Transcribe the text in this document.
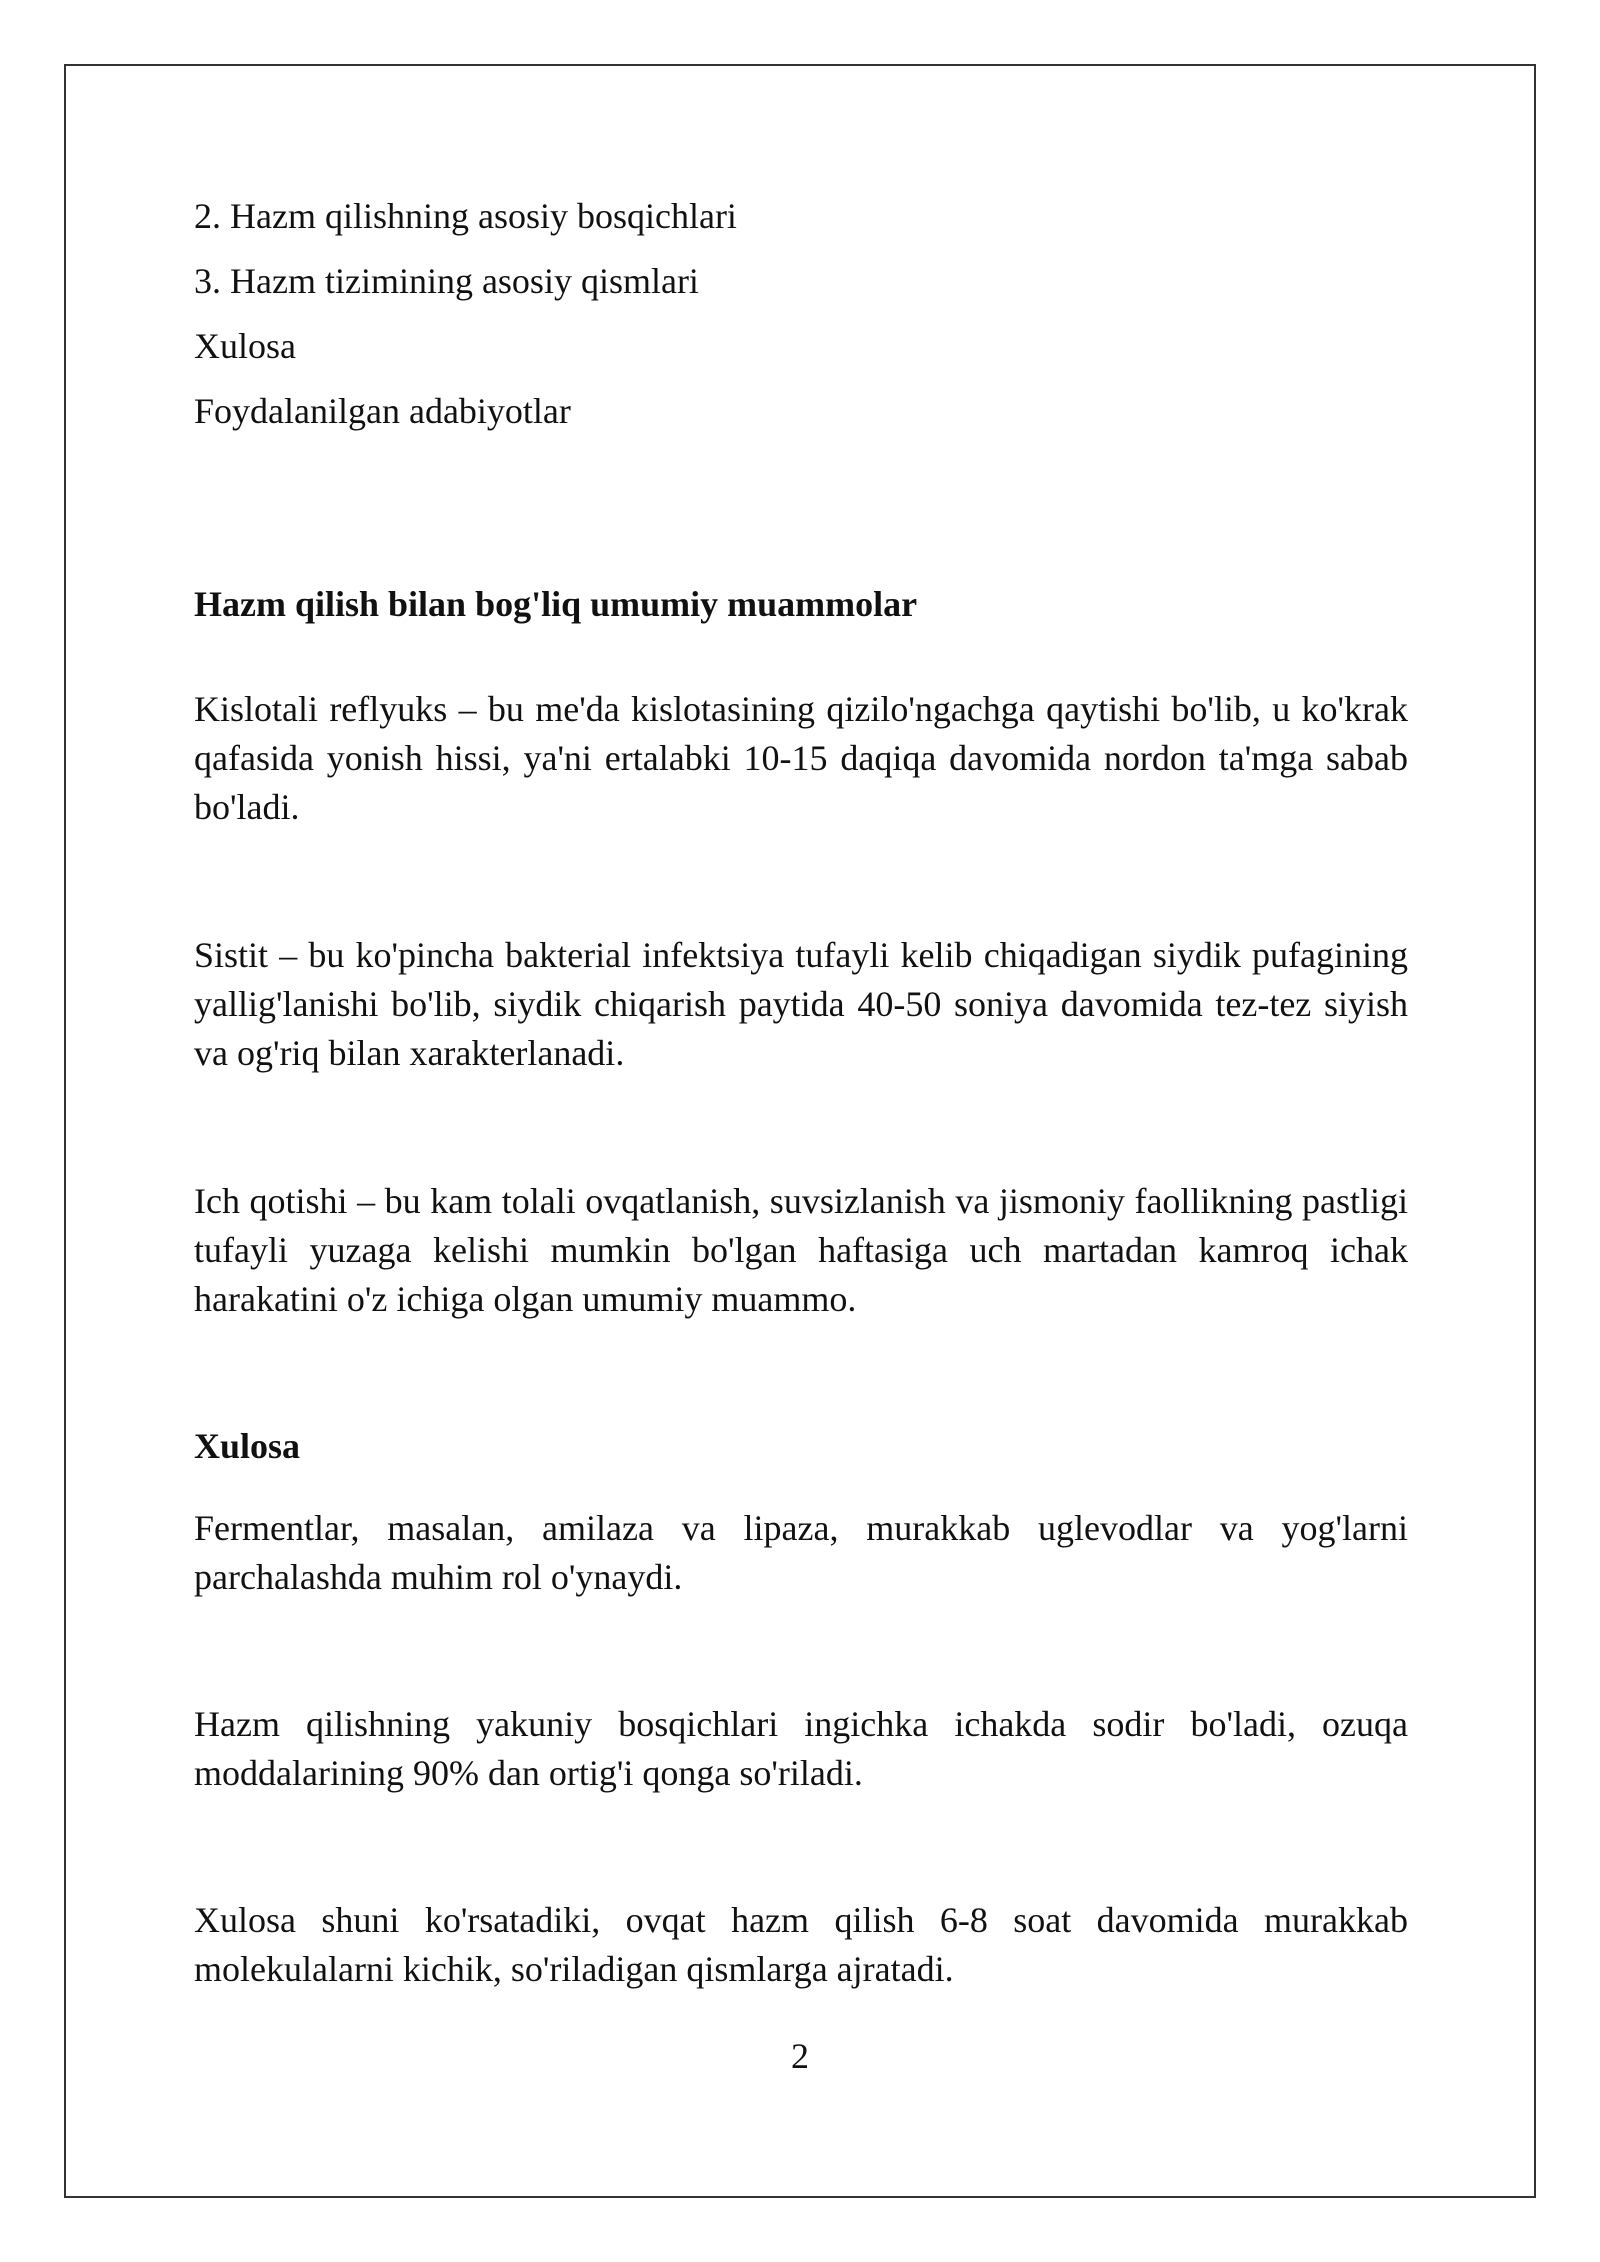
2. Hazm qilishning asosiy bosqichlari
3. Hazm tizimining asosiy qismlari
Xulosa
Foydalanilgan adabiyotlar
Hazm qilish bilan bog'liq umumiy muammolar

Kislotali reflyuks – bu me'da kislotasining qizilo'ngachga qaytishi bo'lib, u ko'krak qafasida yonish hissi, ya'ni ertalabki 10-15 daqiqa davomida nordon ta'mga sabab bo'ladi.

Sistit – bu ko'pincha bakterial infektsiya tufayli kelib chiqadigan siydik pufagining yallig'lanishi bo'lib, siydik chiqarish paytida 40-50 soniya davomida tez-tez siyish va og'riq bilan xarakterlanadi.

Ich qotishi – bu kam tolali ovqatlanish, suvsizlanish va jismoniy faollikning pastligi tufayli yuzaga kelishi mumkin bo'lgan haftasiga uch martadan kamroq ichak harakatini o'z ichiga olgan umumiy muammo.

Xulosa

Fermentlar, masalan, amilaza va lipaza, murakkab uglevodlar va yog'larni parchalashda muhim rol o'ynaydi.

Hazm qilishning yakuniy bosqichlari ingichka ichakda sodir bo'ladi, ozuqa moddalarining 90% dan ortig'i qonga so'riladi.

Xulosa shuni ko'rsatadiki, ovqat hazm qilish 6-8 soat davomida murakkab molekulalarni kichik, so'riladigan qismlarga ajratadi.

2
